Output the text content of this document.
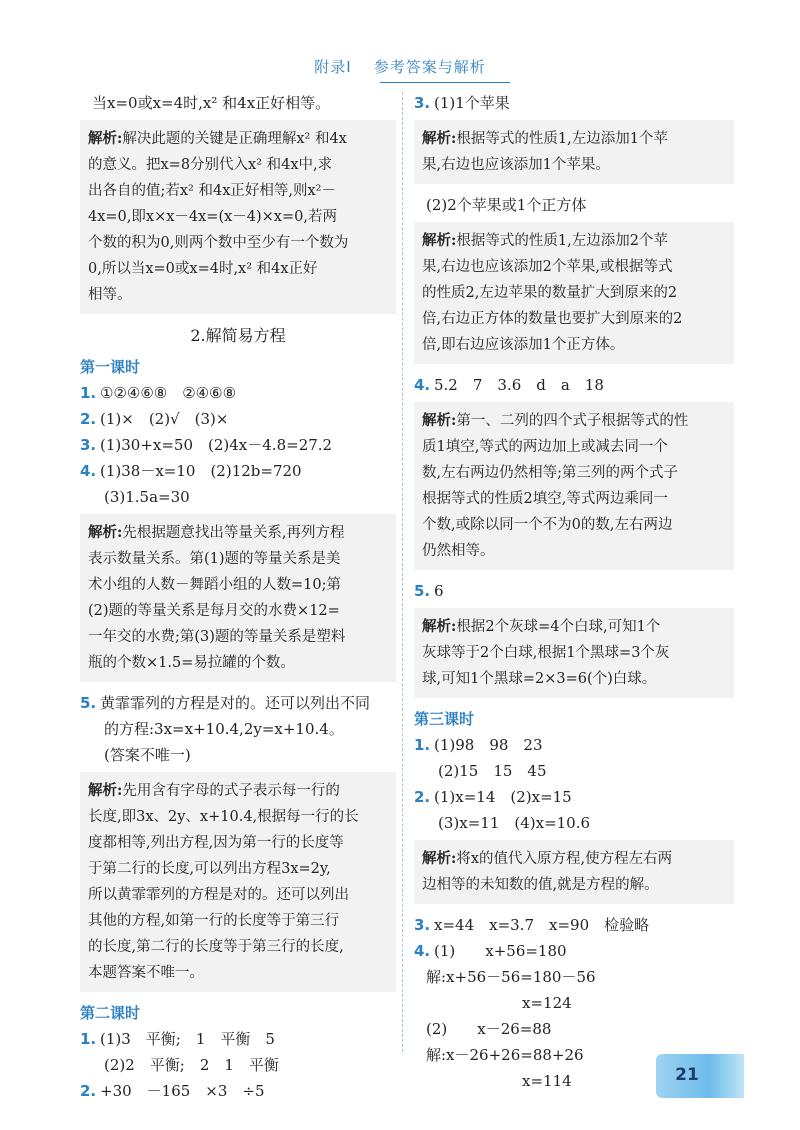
附录Ⅰ 参考答案与解析
当x=0或x=4时,x² 和4x正好相等。
解析:解决此题的关键是正确理解x² 和4x
的意义。把x=8分别代入x² 和4x中,求
出各自的值;若x² 和4x正好相等,则x²－
4x=0,即x×x－4x=(x－4)×x=0,若两
个数的积为0,则两个数中至少有一个数为
0,所以当x=0或x=4时,x² 和4x正好
相等。
2.解简易方程
第一课时
1. ①②④⑥⑧　②④⑥⑧
2. (1)×　(2)√　(3)×
3. (1)30+x=50　(2)4x－4.8=27.2
4. (1)38－x=10　(2)12b=720
(3)1.5a=30
解析:先根据题意找出等量关系,再列方程
表示数量关系。第(1)题的等量关系是美
术小组的人数－舞蹈小组的人数=10;第
(2)题的等量关系是每月交的水费×12=
一年交的水费;第(3)题的等量关系是塑料
瓶的个数×1.5=易拉罐的个数。
5. 黄霏霏列的方程是对的。还可以列出不同
的方程:3x=x+10.4,2y=x+10.4。
(答案不唯一)
解析:先用含有字母的式子表示每一行的
长度,即3x、2y、x+10.4,根据每一行的长
度都相等,列出方程,因为第一行的长度等
于第二行的长度,可以列出方程3x=2y,
所以黄霏霏列的方程是对的。还可以列出
其他的方程,如第一行的长度等于第三行
的长度,第二行的长度等于第三行的长度,
本题答案不唯一。
第二课时
1. (1)3　平衡;　1　平衡　5
(2)2　平衡;　2　1　平衡
2. +30　－165　×3　÷5
3. (1)1个苹果
解析:根据等式的性质1,左边添加1个苹
果,右边也应该添加1个苹果。
(2)2个苹果或1个正方体
解析:根据等式的性质1,左边添加2个苹
果,右边也应该添加2个苹果,或根据等式
的性质2,左边苹果的数量扩大到原来的2
倍,右边正方体的数量也要扩大到原来的2
倍,即右边应该添加1个正方体。
4. 5.2　7　3.6　d　a　18
解析:第一、二列的四个式子根据等式的性
质1填空,等式的两边加上或减去同一个
数,左右两边仍然相等;第三列的两个式子
根据等式的性质2填空,等式两边乘同一
个数,或除以同一个不为0的数,左右两边
仍然相等。
5. 6
解析:根据2个灰球=4个白球,可知1个
灰球等于2个白球,根据1个黑球=3个灰
球,可知1个黑球=2×3=6(个)白球。
第三课时
1. (1)98　98　23
(2)15　15　45
2. (1)x=14　(2)x=15
(3)x=11　(4)x=10.6
解析:将x的值代入原方程,使方程左右两
边相等的未知数的值,就是方程的解。
3. x=44　x=3.7　x=90　检验略
4. (1)　　x+56=180
解:x+56－56=180－56
x=124
(2)　　x－26=88
解:x－26+26=88+26
x=114	21
